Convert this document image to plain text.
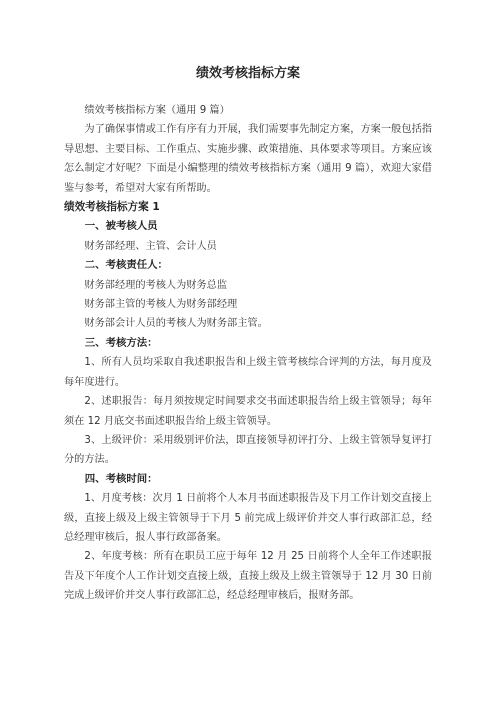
绩效考核指标方案

绩效考核指标方案（通用 9 篇）

为了确保事情或工作有序有力开展，我们需要事先制定方案，方案一般包括指导思想、主要目标、工作重点、实施步骤、政策措施、具体要求等项目。方案应该怎么制定才好呢？下面是小编整理的绩效考核指标方案（通用 9 篇），欢迎大家借鉴与参考，希望对大家有所帮助。

绩效考核指标方案 1

一、被考核人员

财务部经理、主管、会计人员

二、考核责任人：

财务部经理的考核人为财务总监

财务部主管的考核人为财务部经理

财务部会计人员的考核人为财务部主管。

三、考核方法：

1、所有人员均采取自我述职报告和上级主管考核综合评判的方法，每月度及每年度进行。

2、述职报告：每月须按规定时间要求交书面述职报告给上级主管领导；每年须在 12 月底交书面述职报告给上级主管领导。

3、上级评价：采用级别评价法，即直接领导初评打分、上级主管领导复评打分的方法。

四、考核时间：

1、月度考核：次月 1 日前将个人本月书面述职报告及下月工作计划交直接上级，直接上级及上级主管领导于下月 5 前完成上级评价并交人事行政部汇总，经总经理审核后，报人事行政部备案。

2、年度考核：所有在职员工应于每年 12 月 25 日前将个人全年工作述职报告及下年度个人工作计划交直接上级，直接上级及上级主管领导于 12 月 30 日前完成上级评价并交人事行政部汇总，经总经理审核后，报财务部。
